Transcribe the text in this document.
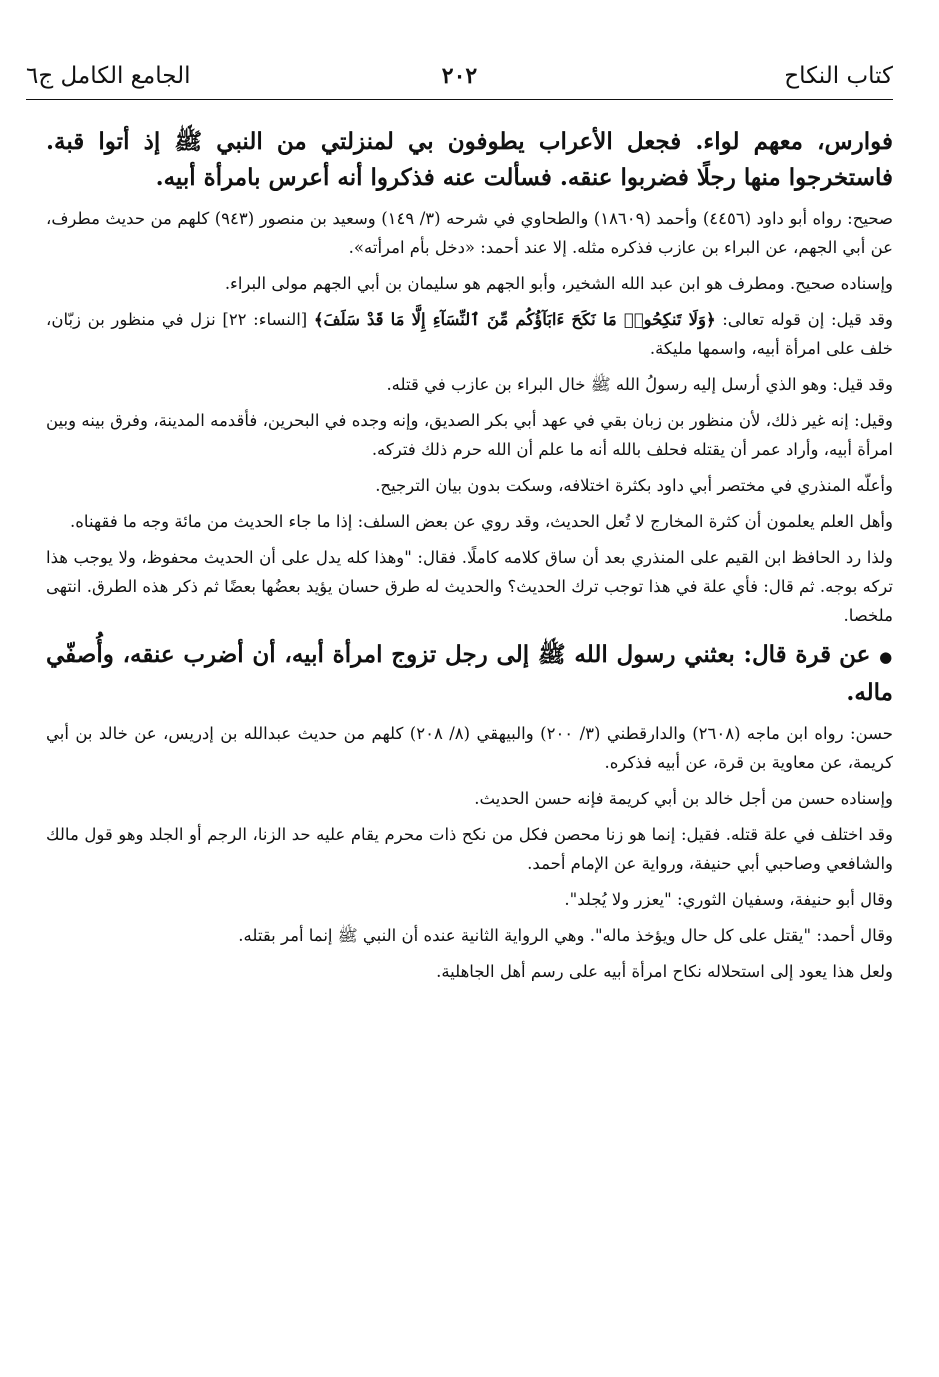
كتاب النكاح
٢٠٢
الجامع الكامل ج٦

فوارس، معهم لواء. فجعل الأعراب يطوفون بي لمنزلتي من النبي ﷺ إذ أتوا قبة. فاستخرجوا منها رجلًا فضربوا عنقه. فسألت عنه فذكروا أنه أعرس بامرأة أبيه.

صحيح: رواه أبو داود (٤٤٥٦) وأحمد (١٨٦٠٩) والطحاوي في شرحه (٣/ ١٤٩) وسعيد بن منصور (٩٤٣) كلهم من حديث مطرف، عن أبي الجهم، عن البراء بن عازب فذكره مثله. إلا عند أحمد: «دخل بأم امرأته».

وإسناده صحيح. ومطرف هو ابن عبد الله الشخير، وأبو الجهم هو سليمان بن أبي الجهم مولى البراء.

وقد قيل: إن قوله تعالى: ﴿وَلَا تَنكِحُوا۟ مَا نَكَحَ ءَابَآؤُكُم مِّنَ ٱلنِّسَآءِ إِلَّا مَا قَدْ سَلَفَ﴾ [النساء: ٢٢] نزل في منظور بن زبّان، خلف على امرأة أبيه، واسمها مليكة.

وقد قيل: وهو الذي أرسل إليه رسولُ الله ﷺ خال البراء بن عازب في قتله.

وقيل: إنه غير ذلك، لأن منظور بن زبان بقي في عهد أبي بكر الصديق، وإنه وجده في البحرين، فأقدمه المدينة، وفرق بينه وبين امرأة أبيه، وأراد عمر أن يقتله فحلف بالله أنه ما علم أن الله حرم ذلك فتركه.

وأعلّه المنذري في مختصر أبي داود بكثرة اختلافه، وسكت بدون بيان الترجيح.

وأهل العلم يعلمون أن كثرة المخارج لا تُعل الحديث، وقد روي عن بعض السلف: إذا ما جاء الحديث من مائة وجه ما فقهناه.

ولذا رد الحافظ ابن القيم على المنذري بعد أن ساق كلامه كاملًا. فقال: "وهذا كله يدل على أن الحديث محفوظ، ولا يوجب هذا تركه بوجه. ثم قال: فأي علة في هذا توجب ترك الحديث؟ والحديث له طرق حسان يؤيد بعضُها بعضًا ثم ذكر هذه الطرق. انتهى ملخصا.

● عن قرة قال: بعثني رسول الله ﷺ إلى رجل تزوج امرأة أبيه، أن أضرب عنقه، وأُصفّي ماله.

حسن: رواه ابن ماجه (٢٦٠٨) والدارقطني (٣/ ٢٠٠) والبيهقي (٨/ ٢٠٨) كلهم من حديث عبدالله بن إدريس، عن خالد بن أبي كريمة، عن معاوية بن قرة، عن أبيه فذكره.

وإسناده حسن من أجل خالد بن أبي كريمة فإنه حسن الحديث.

وقد اختلف في علة قتله. فقيل: إنما هو زنا محصن فكل من نكح ذات محرم يقام عليه حد الزنا، الرجم أو الجلد وهو قول مالك والشافعي وصاحبي أبي حنيفة، ورواية عن الإمام أحمد.

وقال أبو حنيفة، وسفيان الثوري: "يعزر ولا يُجلد".

وقال أحمد: "يقتل على كل حال ويؤخذ ماله". وهي الرواية الثانية عنده أن النبي ﷺ إنما أمر بقتله.

ولعل هذا يعود إلى استحلاله نكاح امرأة أبيه على رسم أهل الجاهلية.
